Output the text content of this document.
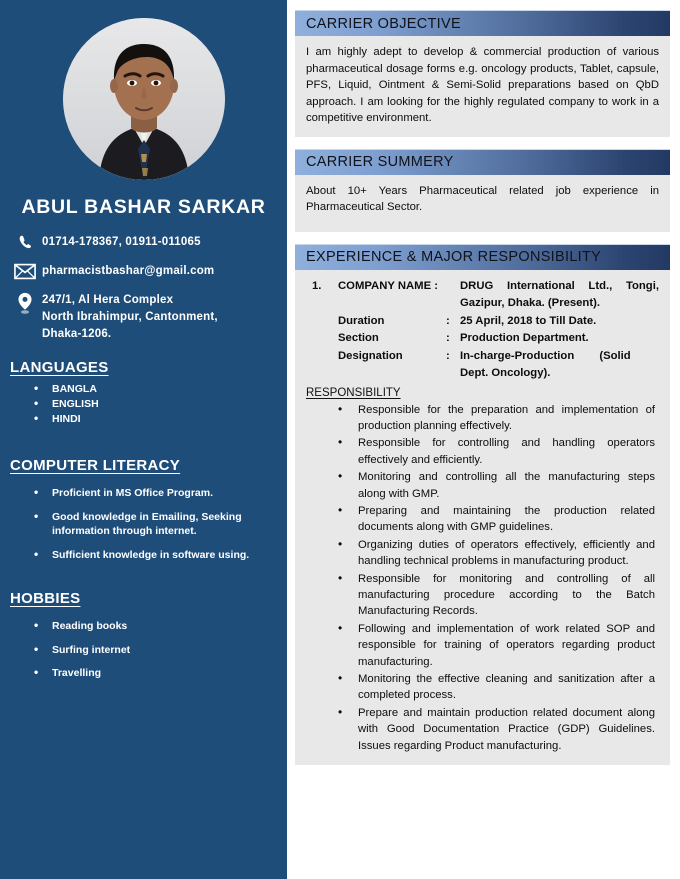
ABUL BASHAR SARKAR
01714-178367, 01911-011065
pharmacistbashar@gmail.com
247/1, Al Hera Complex
North Ibrahimpur, Cantonment,
Dhaka-1206.
LANGUAGES
• BANGLA
• ENGLISH
• HINDI
COMPUTER LITERACY
• Proficient in MS Office Program.
• Good knowledge in Emailing, Seeking information through internet.
• Sufficient knowledge in software using.
HOBBIES
• Reading books
• Surfing internet
• Travelling
CARRIER OBJECTIVE

I am highly adept to develop & commercial production of various pharmaceutical dosage forms e.g. oncology products, Tablet, capsule, PFS, Liquid, Ointment & Semi-Solid preparations based on QbD approach. I am looking for the highly regulated company to work in a competitive environment.

CARRIER SUMMERY

About 10+ Years Pharmaceutical related job experience in Pharmaceutical Sector.

EXPERIENCE & MAJOR RESPONSIBILITY
1.	COMPANY NAME :		DRUG International Ltd., Tongi,
			Gazipur, Dhaka. (Present).
	Duration	:	25 April, 2018 to Till Date.
	Section	:	Production Department.
	Designation	:	In-charge-Production        (Solid
			Dept. Oncology).
RESPONSIBILITY
• Responsible for the preparation and implementation of production planning effectively.
• Responsible for controlling and handling operators effectively and efficiently.
• Monitoring and controlling all the manufacturing steps along with GMP.
• Preparing and maintaining the production related documents along with GMP guidelines.
• Organizing duties of operators effectively, efficiently and handling technical problems in manufacturing product.
• Responsible for monitoring and controlling of all manufacturing procedure according to the Batch Manufacturing Records.
• Following and implementation of work related SOP and responsible for training of operators regarding product manufacturing.
• Monitoring the effective cleaning and sanitization after a completed process.
• Prepare and maintain production related document along with Good Documentation Practice (GDP) Guidelines. Issues regarding Product manufacturing.
